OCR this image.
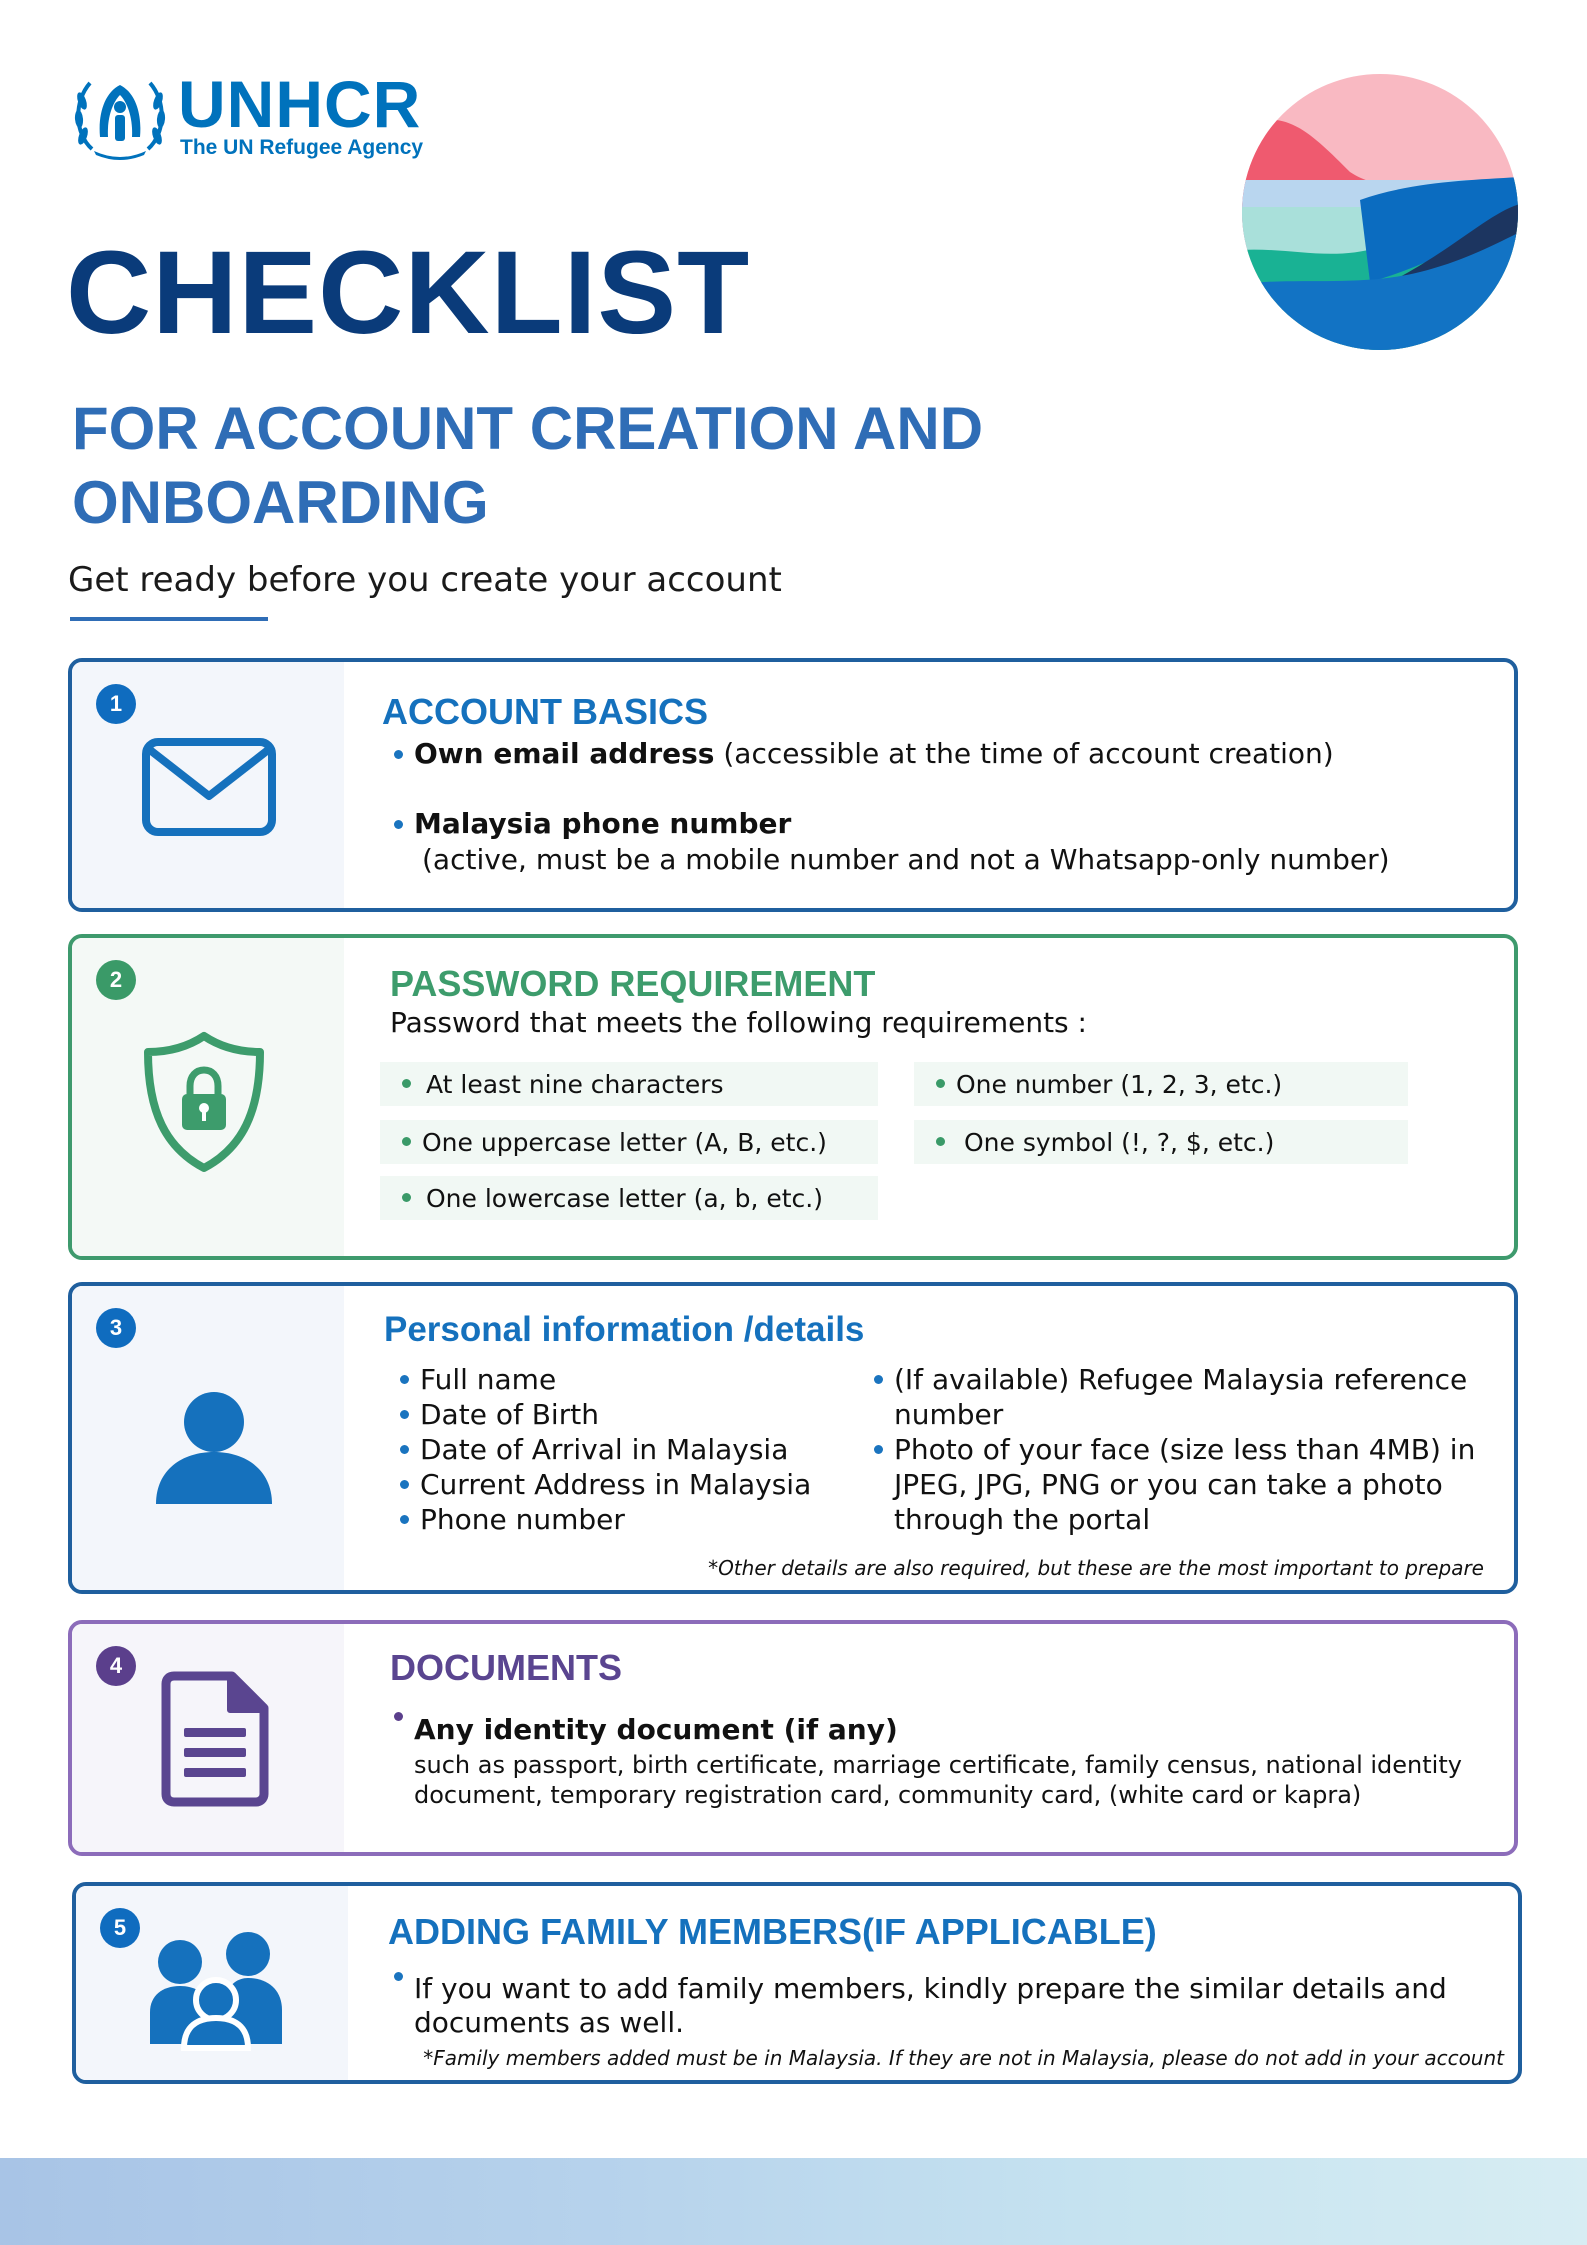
UNHCR
The UN Refugee Agency
CHECKLIST
FOR ACCOUNT CREATION AND
ONBOARDING
Get ready before you create your account
1	ACCOUNT BASICS
Own email address (accessible at the time of account creation)
Malaysia phone number
(active, must be a mobile number and not a Whatsapp-only number)
2	PASSWORD REQUIREMENT
Password that meets the following requirements :
At least nine characters
One uppercase letter (A, B, etc.)
One lowercase letter (a, b, etc.)
One number (1, 2, 3, etc.)
One symbol (!, ?, $, etc.)
3	Personal information /details
Full name
Date of Birth
Date of Arrival in Malaysia
Current Address in Malaysia
Phone number
(If available) Refugee Malaysia reference
number
Photo of your face (size less than 4MB) in
JPEG, JPG, PNG or you can take a photo
through the portal
*Other details are also required, but these are the most important to prepare
4	DOCUMENTS
Any identity document (if any)
such as passport, birth certificate, marriage certificate, family census, national identity
document, temporary registration card, community card, (white card or kapra)
5	ADDING FAMILY MEMBERS(IF APPLICABLE)
If you want to add family members, kindly prepare the similar details and
documents as well.
*Family members added must be in Malaysia. If they are not in Malaysia, please do not add in your account
